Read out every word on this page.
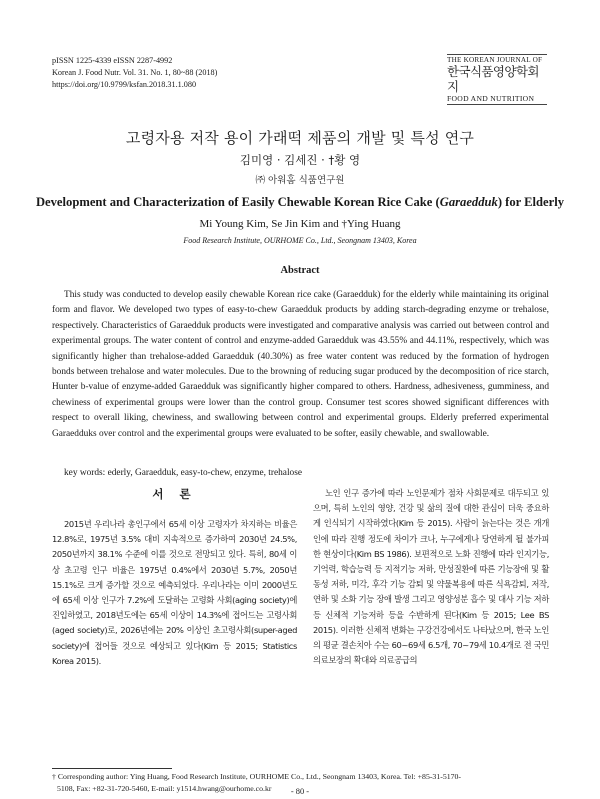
pISSN 1225-4339 eISSN 2287-4992
Korean J. Food Nutr. Vol. 31. No. 1, 80~88 (2018)
https://doi.org/10.9799/ksfan.2018.31.1.080
THE KOREAN JOURNAL OF
한국식품영양학회지
FOOD AND NUTRITION
고령자용 저작 용이 가래떡 제품의 개발 및 특성 연구
김미영 · 김세진 · †황 영
㈜ 아워홈 식품연구원
Development and Characterization of Easily Chewable Korean Rice Cake (Garaedduk) for Elderly
Mi Young Kim, Se Jin Kim and †Ying Huang
Food Research Institute, OURHOME Co., Ltd., Seongnam 13403, Korea
Abstract

This study was conducted to develop easily chewable Korean rice cake (Garaedduk) for the elderly while maintaining its original form and flavor. We developed two types of easy-to-chew Garaedduk products by adding starch-degrading enzyme or trehalose, respectively. Characteristics of Garaedduk products were investigated and comparative analysis was carried out between control and experimental groups. The water content of control and enzyme-added Garaedduk was 43.55% and 44.11%, respectively, which was significantly higher than trehalose-added Garaedduk (40.30%) as free water content was reduced by the formation of hydrogen bonds between trehalose and water molecules. Due to the browning of reducing sugar produced by the decomposition of rice starch, Hunter b-value of enzyme-added Garaedduk was significantly higher compared to others. Hardness, adhesiveness, gumminess, and chewiness of experimental groups were lower than the control group. Consumer test scores showed significant differences with respect to overall liking, chewiness, and swallowing between control and experimental groups. Elderly preferred experimental Garaedduks over control and the experimental groups were evaluated to be softer, easily chewable, and swallowable.

key words: ederly, Garaedduk, easy-to-chew, enzyme, trehalose
서 론

2015년 우리나라 총인구에서 65세 이상 고령자가 차지하는 비율은 12.8%로, 1975년 3.5% 대비 지속적으로 증가하여 2030년 24.5%, 2050년까지 38.1% 수준에 이를 것으로 전망되고 있다. 특히, 80세 이상 초고령 인구 비율은 1975년 0.4%에서 2030년 5.7%, 2050년 15.1%로 크게 증가할 것으로 예측되었다. 우리나라는 이미 2000년도에 65세 이상 인구가 7.2%에 도달하는 고령화 사회(aging society)에 진입하였고, 2018년도에는 65세 이상이 14.3%에 접어드는 고령사회(aged society)로, 2026년에는 20% 이상인 초고령사회(super-aged society)에 접어들 것으로 예상되고 있다(Kim 등 2015; Statistics Korea 2015).

노인 인구 증가에 따라 노인문제가 점차 사회문제로 대두되고 있으며, 특히 노인의 영양, 건강 및 삶의 질에 대한 관심이 더욱 중요하게 인식되기 시작하였다(Kim 등 2015). 사람이 늙는다는 것은 개개인에 따라 진행 정도에 차이가 크나, 누구에게나 당연하게 될 불가피한 현상이다(Kim BS 1986). 보편적으로 노화 진행에 따라 인지기능, 기억력, 학습능력 등 지적기능 저하, 만성질환에 따른 기능장애 및 활동성 저하, 미각, 후각 기능 감퇴 및 약물복용에 따른 식욕감퇴, 저작, 연하 및 소화 기능 장애 발생 그리고 영양성분 흡수 및 대사 기능 저하 등 신체적 기능저하 등을 수반하게 된다(Kim 등 2015; Lee BS 2015). 이러한 신체적 변화는 구강건강에서도 나타났으며, 한국 노인의 평균 결손치아 수는 60~69세 6.5개, 70~79세 10.4개로 전 국민 의료보장의 확대와 의료공급의

† Corresponding author: Ying Huang, Food Research Institute, OURHOME Co., Ltd., Seongnam 13403, Korea. Tel: +85-31-5170-
5108, Fax: +82-31-720-5460, E-mail: y1514.hwang@ourhome.co.kr	- 80 -
